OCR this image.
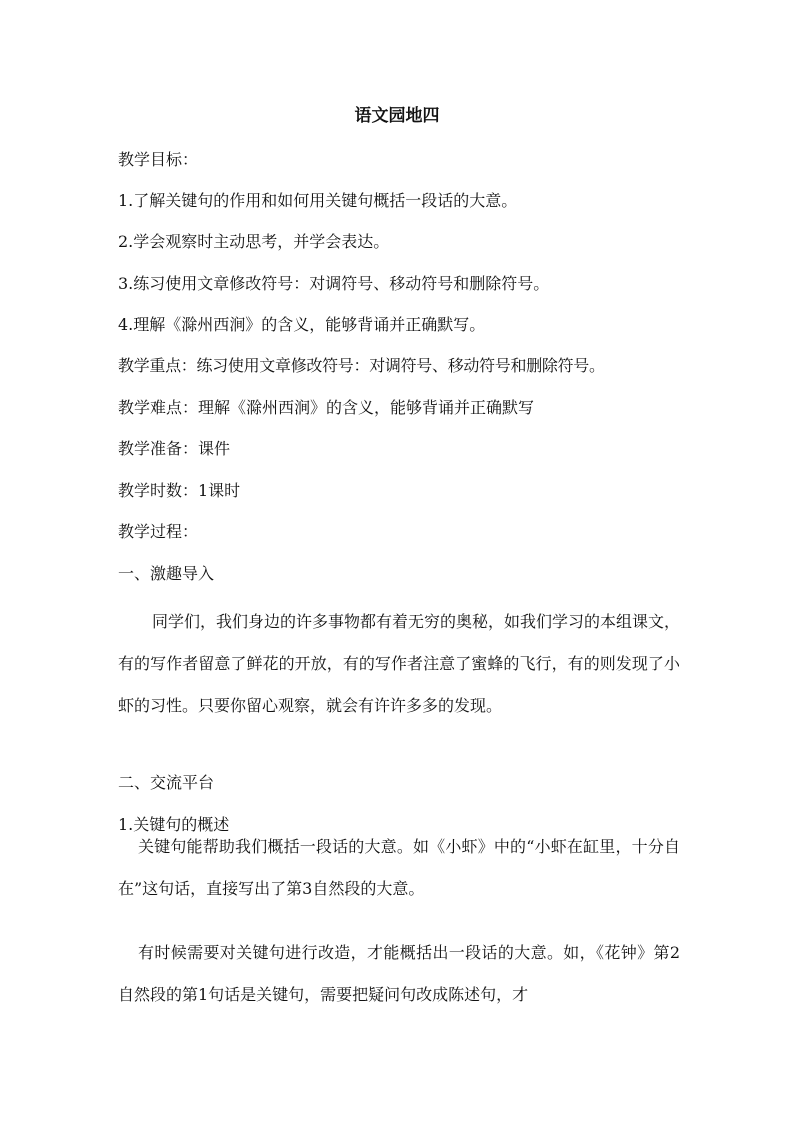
语文园地四
教学目标：
1.了解关键句的作用和如何用关键句概括一段话的大意。
2.学会观察时主动思考，并学会表达。
3.练习使用文章修改符号：对调符号、移动符号和删除符号。
4.理解《滁州西涧》的含义，能够背诵并正确默写。
教学重点：练习使用文章修改符号：对调符号、移动符号和删除符号。
教学难点：理解《滁州西涧》的含义，能够背诵并正确默写
教学准备：课件
教学时数：1课时
教学过程：
一、激趣导入

同学们，我们身边的许多事物都有着无穷的奥秘，如我们学习的本组课文，有的写作者留意了鲜花的开放，有的写作者注意了蜜蜂的飞行，有的则发现了小虾的习性。只要你留心观察，就会有许许多多的发现。

二、交流平台
1.关键句的概述

关键句能帮助我们概括一段话的大意。如《小虾》中的“小虾在缸里，十分自在”这句话，直接写出了第3自然段的大意。

有时候需要对关键句进行改造，才能概括出一段话的大意。如，《花钟》第2自然段的第1句话是关键句，需要把疑问句改成陈述句，才
